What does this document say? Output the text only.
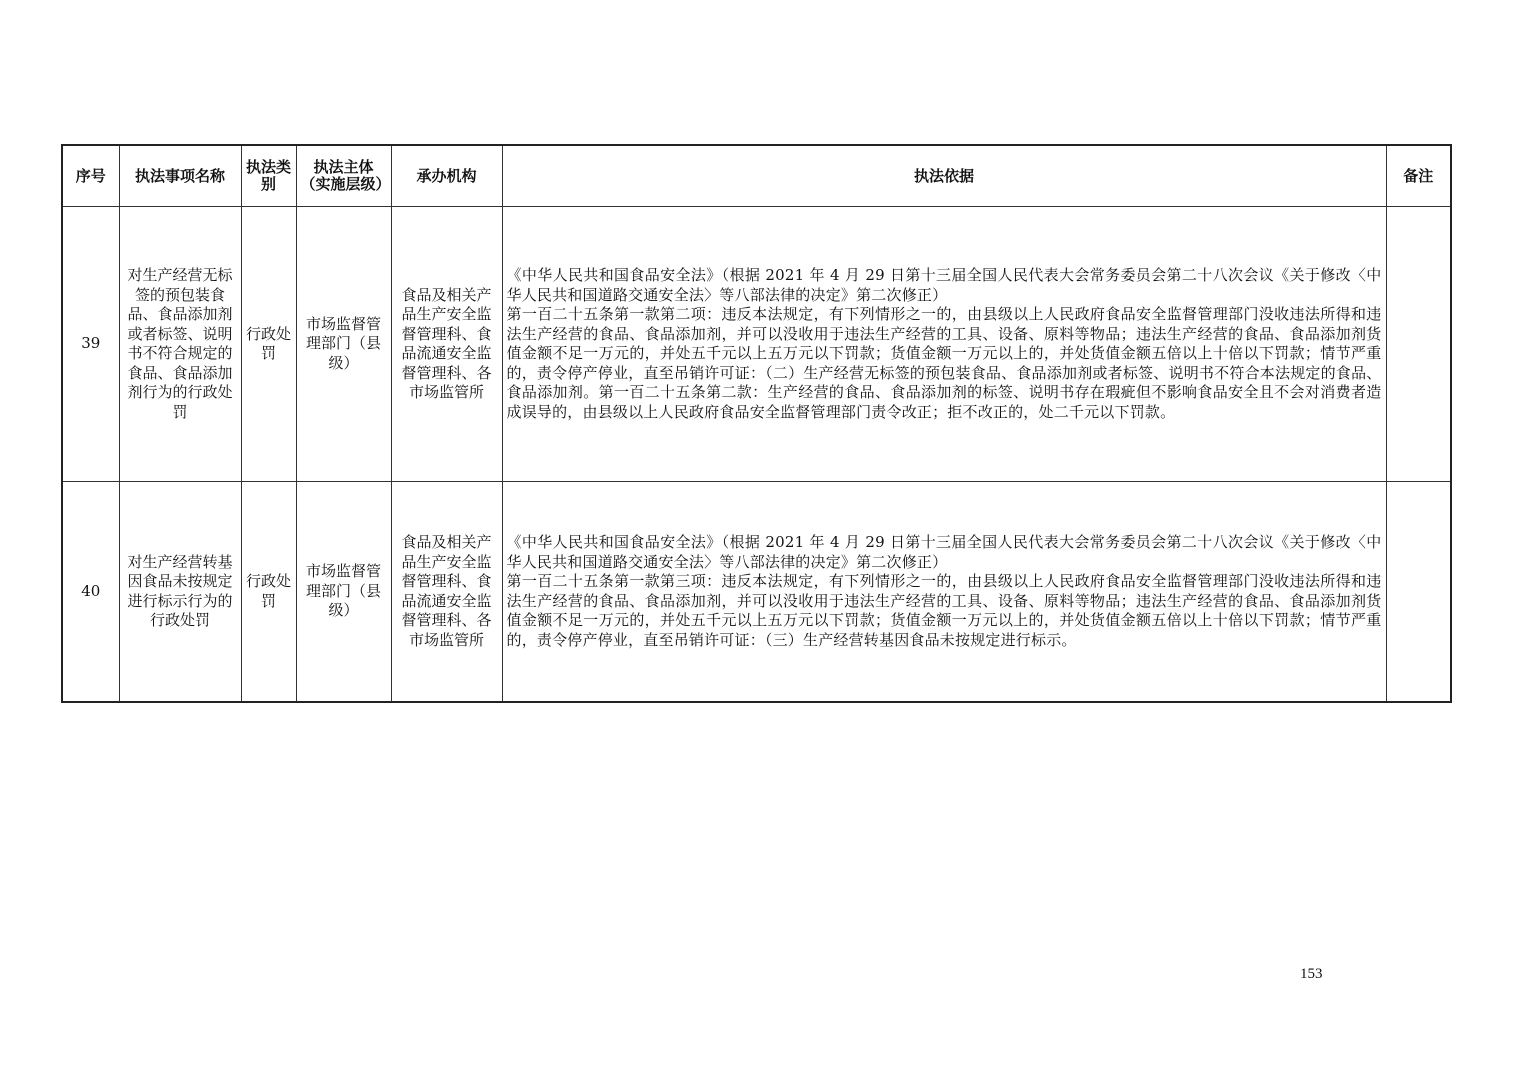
序号	执法事项名称	执法类别	执法主体（实施层级）	承办机构	执法依据	备注
39	对生产经营无标签的预包装食品、食品添加剂或者标签、说明书不符合规定的食品、食品添加剂行为的行政处罚	行政处罚	市场监督管理部门（县级）	食品及相关产品生产安全监督管理科、食品流通安全监督管理科、各市场监管所	《中华人民共和国食品安全法》（根据 2021 年 4 月 29 日第十三届全国人民代表大会常务委员会第二十八次会议《关于修改〈中华人民共和国道路交通安全法〉等八部法律的决定》第二次修正）

第一百二十五条第一款第二项：违反本法规定，有下列情形之一的，由县级以上人民政府食品安全监督管理部门没收违法所得和违法生产经营的食品、食品添加剂，并可以没收用于违法生产经营的工具、设备、原料等物品；违法生产经营的食品、食品添加剂货值金额不足一万元的，并处五千元以上五万元以下罚款；货值金额一万元以上的，并处货值金额五倍以上十倍以下罚款；情节严重的，责令停产停业，直至吊销许可证：（二）生产经营无标签的预包装食品、食品添加剂或者标签、说明书不符合本法规定的食品、食品添加剂。第一百二十五条第二款：生产经营的食品、食品添加剂的标签、说明书存在瑕疵但不影响食品安全且不会对消费者造成误导的，由县级以上人民政府食品安全监督管理部门责令改正；拒不改正的，处二千元以下罚款。	

40	对生产经营转基因食品未按规定进行标示行为的行政处罚	行政处罚	市场监督管理部门（县级）	食品及相关产品生产安全监督管理科、食品流通安全监督管理科、各市场监管所	《中华人民共和国食品安全法》（根据 2021 年 4 月 29 日第十三届全国人民代表大会常务委员会第二十八次会议《关于修改〈中华人民共和国道路交通安全法〉等八部法律的决定》第二次修正）

第一百二十五条第一款第三项：违反本法规定，有下列情形之一的，由县级以上人民政府食品安全监督管理部门没收违法所得和违法生产经营的食品、食品添加剂，并可以没收用于违法生产经营的工具、设备、原料等物品；违法生产经营的食品、食品添加剂货值金额不足一万元的，并处五千元以上五万元以下罚款；货值金额一万元以上的，并处货值金额五倍以上十倍以下罚款；情节严重的，责令停产停业，直至吊销许可证：（三）生产经营转基因食品未按规定进行标示。	

153
